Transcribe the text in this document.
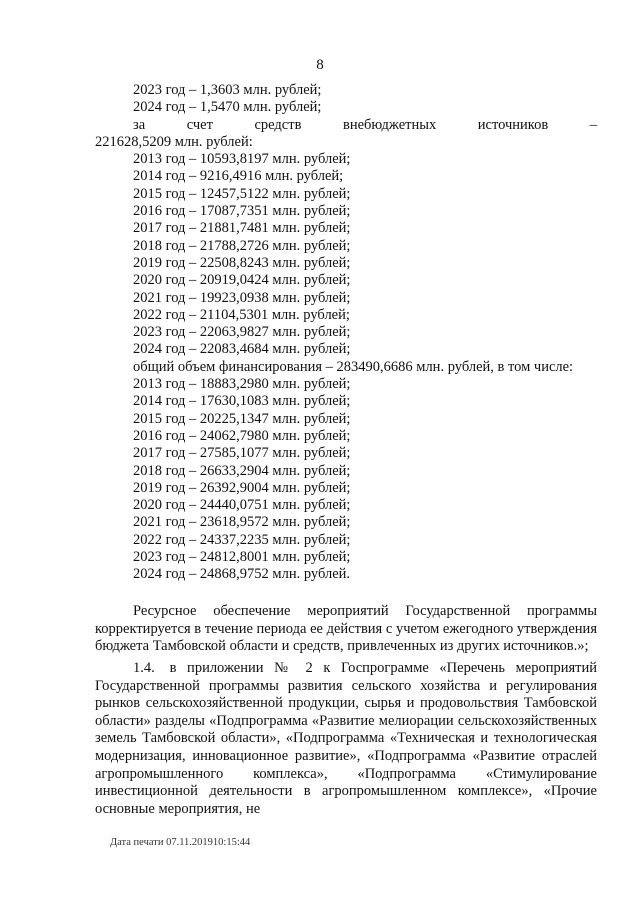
8
2023 год – 1,3603 млн. рублей;
2024 год – 1,5470 млн. рублей;
за	счет	средств	внебюджетных	источников	–
221628,5209 млн. рублей:
2013 год – 10593,8197 млн. рублей;
2014 год – 9216,4916 млн. рублей;
2015 год – 12457,5122 млн. рублей;
2016 год – 17087,7351 млн. рублей;
2017 год – 21881,7481 млн. рублей;
2018 год – 21788,2726 млн. рублей;
2019 год – 22508,8243 млн. рублей;
2020 год – 20919,0424 млн. рублей;
2021 год – 19923,0938 млн. рублей;
2022 год – 21104,5301 млн. рублей;
2023 год – 22063,9827 млн. рублей;
2024 год – 22083,4684 млн. рублей;
общий объем финансирования – 283490,6686 млн. рублей, в том числе:
2013 год – 18883,2980 млн. рублей;
2014 год – 17630,1083 млн. рублей;
2015 год – 20225,1347 млн. рублей;
2016 год – 24062,7980 млн. рублей;
2017 год – 27585,1077 млн. рублей;
2018 год – 26633,2904 млн. рублей;
2019 год – 26392,9004 млн. рублей;
2020 год – 24440,0751 млн. рублей;
2021 год – 23618,9572 млн. рублей;
2022 год – 24337,2235 млн. рублей;
2023 год – 24812,8001 млн. рублей;
2024 год – 24868,9752 млн. рублей.
Ресурсное обеспечение мероприятий Государственной программы корректируется в течение периода ее действия с учетом ежегодного утверждения бюджета Тамбовской области и средств, привлеченных из других источников.»;
1.4. в приложении № 2 к Госпрограмме «Перечень мероприятий Государственной программы развития сельского хозяйства и регулирования рынков сельскохозяйственной продукции, сырья и продовольствия Тамбовской области» разделы «Подпрограмма «Развитие мелиорации сельскохозяйственных земель Тамбовской области», «Подпрограмма «Техническая и технологическая модернизация, инновационное развитие», «Подпрограмма «Развитие отраслей агропромышленного комплекса», «Подпрограмма «Стимулирование инвестиционной деятельности в агропромышленном комплексе», «Прочие основные мероприятия, не
Дата печати 07.11.201910:15:44
